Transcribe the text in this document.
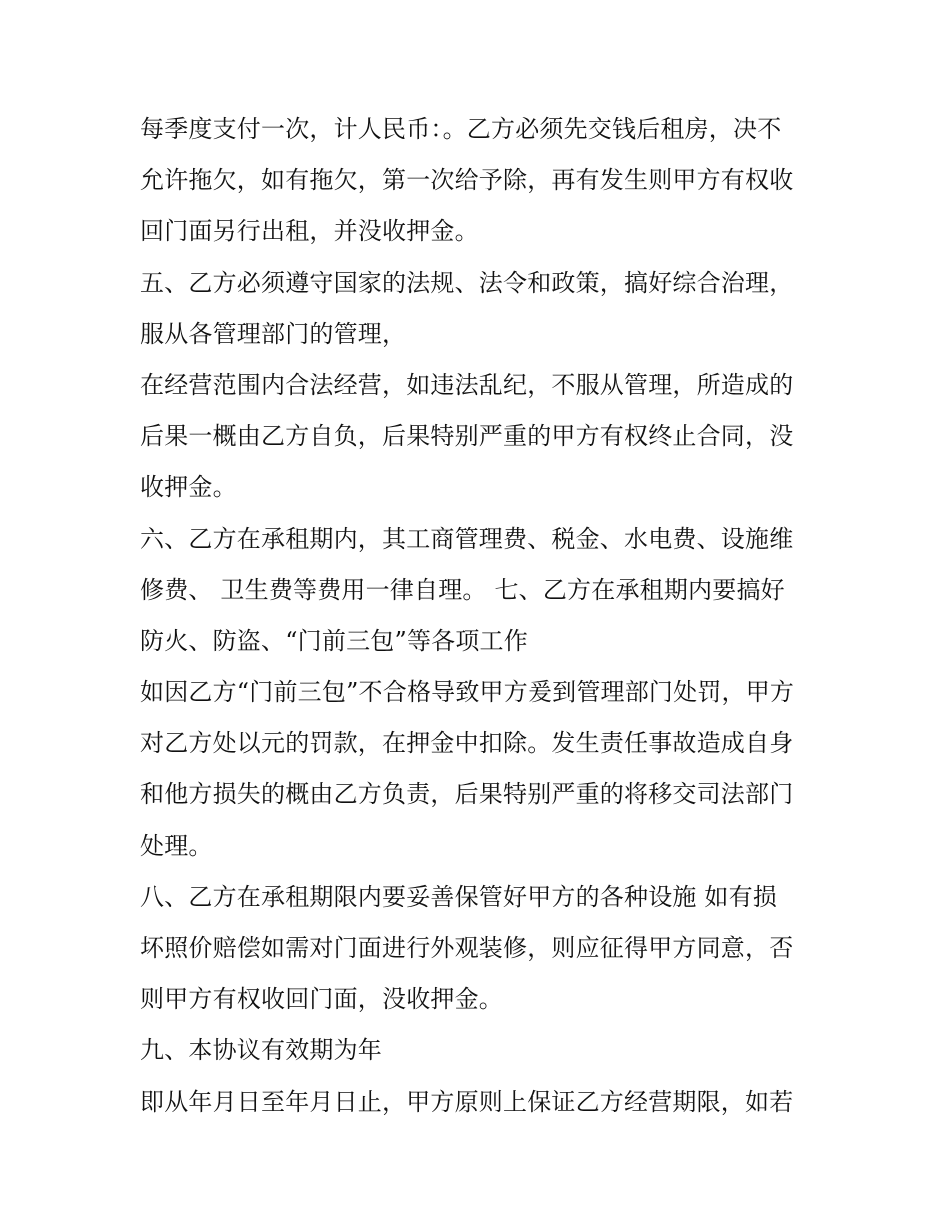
每季度支付一次，计人民币：。乙方必须先交钱后租房，决不
允许拖欠，如有拖欠，第一次给予除，再有发生则甲方有权收
回门面另行出租，并没收押金。
五、乙方必须遵守国家的法规、法令和政策，搞好综合治理，
服从各管理部门的管理，
在经营范围内合法经营，如违法乱纪，不服从管理，所造成的
后果一概由乙方自负，后果特别严重的甲方有权终止合同，没
收押金。
六、乙方在承租期内，其工商管理费、税金、水电费、设施维
修费、 卫生费等费用一律自理。 七、乙方在承租期内要搞好
防火、防盗、“门前三包”等各项工作
如因乙方“门前三包”不合格导致甲方爰到管理部门处罚，甲方
对乙方处以元的罚款，在押金中扣除。发生责任事故造成自身
和他方损失的概由乙方负责，后果特别严重的将移交司法部门
处理。
八、乙方在承租期限内要妥善保管好甲方的各种设施 如有损
坏照价赔偿如需对门面进行外观装修，则应征得甲方同意，否
则甲方有权收回门面，没收押金。
九、本协议有效期为年
即从年月日至年月日止，甲方原则上保证乙方经营期限，如若
